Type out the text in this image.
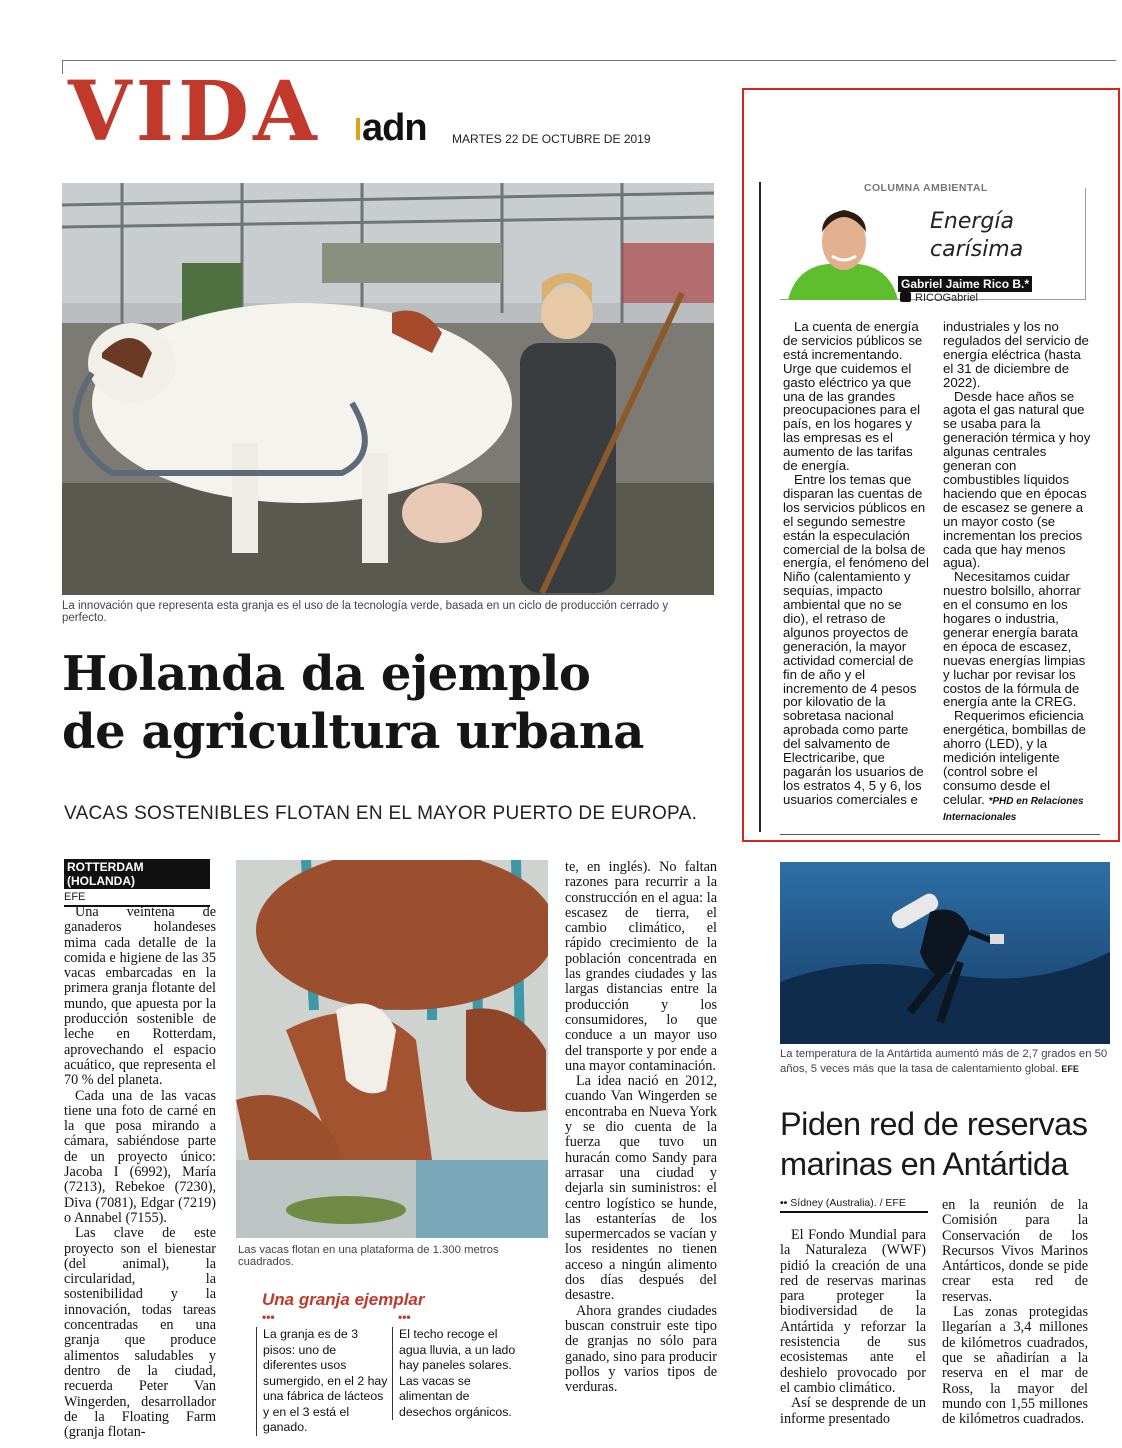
VIDA adn MARTES 22 DE OCTUBRE DE 2019
La innovación que representa esta granja es el uso de la tecnología verde, basada en un ciclo de producción cerrado y perfecto.
Holanda da ejemplo
de agricultura urbana
VACAS SOSTENIBLES FLOTAN EN EL MAYOR PUERTO DE EUROPA.
ROTTERDAM (HOLANDA)
EFE

Una veintena de ganaderos holandeses mima cada detalle de la comida e higiene de las 35 vacas embarcadas en la primera granja flotante del mundo, que apuesta por la producción sostenible de leche en Rotterdam, aprovechando el espacio acuático, que representa el 70 % del planeta.

Cada una de las vacas tiene una foto de carné en la que posa mirando a cámara, sabiéndose parte de un proyecto único: Jacoba I (6992), María (7213), Rebekoe (7230), Diva (7081), Edgar (7219) o Annabel (7155).

Las clave de este proyecto son el bienestar (del animal), la circularidad, la sostenibilidad y la innovación, todas tareas concentradas en una granja que produce alimentos saludables y dentro de la ciudad, recuerda Peter Van Wingerden, desarrollador de la Floating Farm (granja flotan-

Las vacas flotan en una plataforma de 1.300 metros cuadrados.
Una granja ejemplar
•••	•••
La granja es de 3 pisos: uno de diferentes usos sumergido, en el 2 hay una fábrica de lácteos y en el 3 está el ganado.
El techo recoge el agua lluvia, a un lado hay paneles solares. Las vacas se alimentan de desechos orgánicos.

te, en inglés). No faltan razones para recurrir a la construcción en el agua: la escasez de tierra, el cambio climático, el rápido crecimiento de la población concentrada en las grandes ciudades y las largas distancias entre la producción y los consumidores, lo que conduce a un mayor uso del transporte y por ende a una mayor contaminación.

La idea nació en 2012, cuando Van Wingerden se encontraba en Nueva York y se dio cuenta de la fuerza que tuvo un huracán como Sandy para arrasar una ciudad y dejarla sin suministros: el centro logístico se hunde, las estanterías de los supermercados se vacían y los residentes no tienen acceso a ningún alimento dos días después del desastre.

Ahora grandes ciudades buscan construir este tipo de granjas no sólo para ganado, sino para producir pollos y varios tipos de verduras.

COLUMNA AMBIENTAL
Energía
carísima
Gabriel Jaime Rico B.*
RICOGabriel

La cuenta de energía de servicios públicos se está incrementando. Urge que cuidemos el gasto eléctrico ya que una de las grandes preocupaciones para el país, en los hogares y las empresas es el aumento de las tarifas de energía.

Entre los temas que disparan las cuentas de los servicios públicos en el segundo semestre están la especulación comercial de la bolsa de energía, el fenómeno del Niño (calentamiento y sequías, impacto ambiental que no se dio), el retraso de algunos proyectos de generación, la mayor actividad comercial de fin de año y el incremento de 4 pesos por kilovatio de la sobretasa nacional aprobada como parte del salvamento de Electricaribe, que pagarán los usuarios de los estratos 4, 5 y 6, los usuarios comerciales e

industriales y los no regulados del servicio de energía eléctrica (hasta el 31 de diciembre de 2022).

Desde hace años se agota el gas natural que se usaba para la generación térmica y hoy algunas centrales generan con combustibles líquidos haciendo que en épocas de escasez se genere a un mayor costo (se incrementan los precios cada que hay menos agua).

Necesitamos cuidar nuestro bolsillo, ahorrar en el consumo en los hogares o industria, generar energía barata en época de escasez, nuevas energías limpias y luchar por revisar los costos de la fórmula de energía ante la CREG.

Requerimos eficiencia energética, bombillas de ahorro (LED), y la medición inteligente (control sobre el consumo desde el celular. *PHD en Relaciones Internacionales

La temperatura de la Antártida aumentó más de 2,7 grados en 50 años, 5 veces más que la tasa de calentamiento global. EFE
Piden red de reservas marinas en Antártida
•• Sídney (Australia). / EFE

El Fondo Mundial para la Naturaleza (WWF) pidió la creación de una red de reservas marinas para proteger la biodiversidad de la Antártida y reforzar la resistencia de sus ecosistemas ante el deshielo provocado por el cambio climático.

Así se desprende de un informe presentado

en la reunión de la Comisión para la Conservación de los Recursos Vivos Marinos Antárticos, donde se pide crear esta red de reservas.

Las zonas protegidas llegarían a 3,4 millones de kilómetros cuadrados, que se añadirían a la reserva en el mar de Ross, la mayor del mundo con 1,55 millones de kilómetros cuadrados.
